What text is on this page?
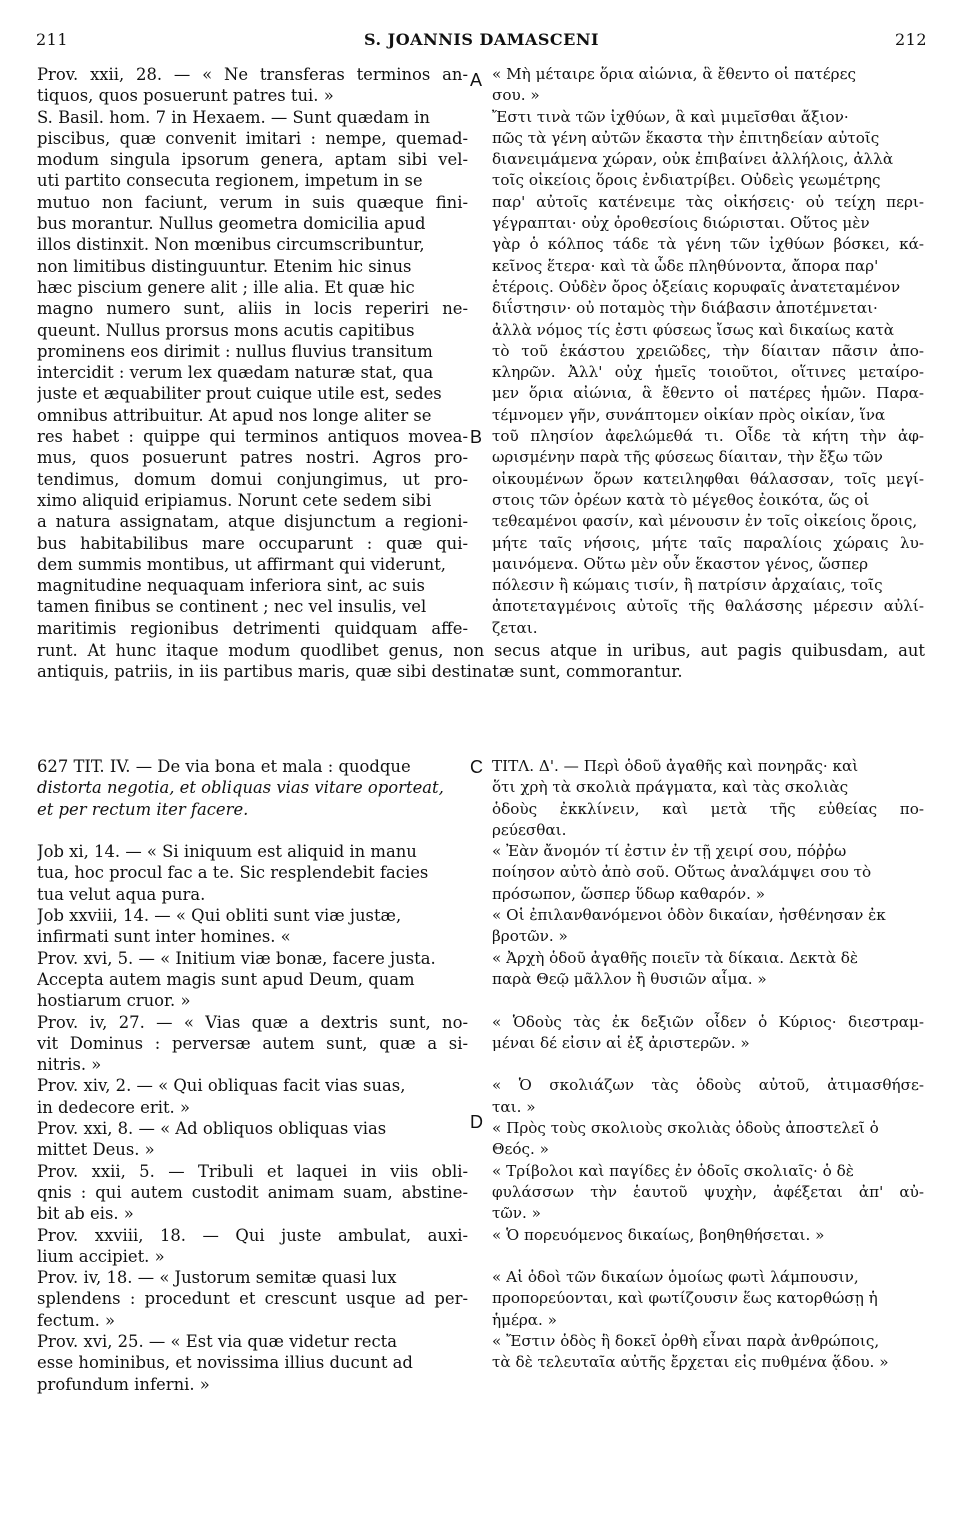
211	S. JOANNIS DAMASCENI	212
A
B
C
D
Prov. xxii, 28. — « Ne transferas terminos an-
tiquos, quos posuerunt patres tui. »
S. Basil. hom. 7 in Hexaem. — Sunt quædam in
piscibus, quæ convenit imitari : nempe, quemad-
modum singula ipsorum genera, aptam sibi vel-
uti partito consecuta regionem, impetum in se
mutuo non faciunt, verum in suis quæque fini-
bus morantur. Nullus geometra domicilia apud
illos distinxit. Non mœnibus circumscribuntur,
non limitibus distinguuntur. Etenim hic sinus
hæc piscium genere alit ; ille alia. Et quæ hic
magno numero sunt, aliis in locis reperiri ne-
queunt. Nullus prorsus mons acutis capitibus
prominens eos dirimit : nullus fluvius transitum
intercidit : verum lex quædam naturæ stat, qua
juste et æquabiliter prout cuique utile est, sedes
omnibus attribuitur. At apud nos longe aliter se
res habet : quippe qui terminos antiquos movea-
mus, quos posuerunt patres nostri. Agros pro-
tendimus, domum domui conjungimus, ut pro-
ximo aliquid eripiamus. Norunt cete sedem sibi
a natura assignatam, atque disjunctum a regioni-
bus habitabilibus mare occuparunt : quæ qui-
dem summis montibus, ut affirmant qui viderunt,
magnitudine nequaquam inferiora sint, ac suis
tamen finibus se continent ; nec vel insulis, vel
maritimis regionibus detrimenti quidquam affe-
« Μὴ μέταιρε ὅρια αἰώνια, ἃ ἔθεντο οἱ πατέρες
σου. »
Ἔστι τινὰ τῶν ἰχθύων, ἃ καὶ μιμεῖσθαι ἄξιον·
πῶς τὰ γένη αὐτῶν ἕκαστα τὴν ἐπιτηδείαν αὐτοῖς
διανειμάμενα χώραν, οὐκ ἐπιβαίνει ἀλλήλοις, ἀλλὰ
τοῖς οἰκείοις ὅροις ἐνδιατρίβει. Οὐδεὶς γεωμέτρης
παρ' αὐτοῖς κατένειμε τὰς οἰκήσεις· οὐ τείχη περι-
γέγραπται· οὐχ ὁροθεσίοις διώρισται. Οὕτος μὲν
γὰρ ὁ κόλπος τάδε τὰ γένη τῶν ἰχθύων βόσκει, κά-
κεῖνος ἕτερα· καὶ τὰ ὧδε πληθύνοντα, ἄπορα παρ'
ἑτέροις. Οὐδὲν ὄρος ὀξείαις κορυφαῖς ἀνατεταμένον
διΐστησιν· οὐ ποταμὸς τὴν διάβασιν ἀποτέμνεται·
ἀλλὰ νόμος τίς ἐστι φύσεως ἴσως καὶ δικαίως κατὰ
τὸ τοῦ ἑκάστου χρειῶδες, τὴν δίαιταν πᾶσιν ἀπο-
κληρῶν. Ἀλλ' οὐχ ἡμεῖς τοιοῦτοι, οἵτινες μεταίρο-
μεν ὅρια αἰώνια, ἃ ἔθεντο οἱ πατέρες ἡμῶν. Παρα-
τέμνομεν γῆν, συνάπτομεν οἰκίαν πρὸς οἰκίαν, ἵνα
τοῦ πλησίον ἀφελώμεθά τι. Οἶδε τὰ κήτη τὴν ἀφ-
ωρισμένην παρὰ τῆς φύσεως δίαιταν, τὴν ἔξω τῶν
οἰκουμένων ὅρων κατειληφθαι θάλασσαν, τοῖς μεγί-
στοις τῶν ὀρέων κατὰ τὸ μέγεθος ἐοικότα, ὥς οἱ
τεθεαμένοι φασίν, καὶ μένουσιν ἐν τοῖς οἰκείοις ὅροις,
μήτε ταῖς νήσοις, μήτε ταῖς παραλίοις χώραις λυ-
μαινόμενα. Οὕτω μὲν οὖν ἕκαστον γένος, ὥσπερ
πόλεσιν ἢ κώμαις τισίν, ἢ πατρίσιν ἀρχαίαις, τοῖς
ἀποτεταγμένοις αὐτοῖς τῆς θαλάσσης μέρεσιν αὐλί-
ζεται.
runt. At hunc itaque modum quodlibet genus, non secus atque in uribus, aut pagis quibusdam, aut
antiquis, patriis, in iis partibus maris, quæ sibi destinatæ sunt, commorantur.
627 TIT. IV. — De via bona et mala : quodque
distorta negotia, et obliquas vias vitare oporteat,
et per rectum iter facere.
Job xi, 14. — « Si iniquum est aliquid in manu
tua, hoc procul fac a te. Sic resplendebit facies
tua velut aqua pura.
Job xxviii, 14. — « Qui obliti sunt viæ justæ,
infirmati sunt inter homines. «
Prov. xvi, 5. — « Initium viæ bonæ, facere justa.
Accepta autem magis sunt apud Deum, quam
hostiarum cruor. »
Prov. iv, 27. — « Vias quæ a dextris sunt, no-
vit Dominus : perversæ autem sunt, quæ a si-
nitris. »
Prov. xiv, 2. — « Qui obliquas facit vias suas,
in dedecore erit. »
Prov. xxi, 8. — « Ad obliquos obliquas vias
mittet Deus. »
Prov. xxii, 5. — Tribuli et laquei in viis obli-
qnis : qui autem custodit animam suam, abstine-
bit ab eis. »
Prov. xxviii, 18. — Qui juste ambulat, auxi-
lium accipiet. »
Prov. iv, 18. — « Justorum semitæ quasi lux
splendens : procedunt et crescunt usque ad per-
fectum. »
Prov. xvi, 25. — « Est via quæ videtur recta
esse hominibus, et novissima illius ducunt ad
profundum inferni. »
ΤΙΤΛ. Δ'. — Περὶ ὁδοῦ ἀγαθῆς καὶ πονηρᾶς· καὶ
ὅτι χρὴ τὰ σκολιὰ πράγματα, καὶ τὰς σκολιὰς
ὁδοὺς ἐκκλίνειν, καὶ μετὰ τῆς εὐθείας πο-
ρεύεσθαι.
« Ἐὰν ἄνομόν τί ἐστιν ἐν τῇ χειρί σου, πόῤῥω
ποίησον αὐτὸ ἀπὸ σοῦ. Οὕτως ἀναλάμψει σου τὸ
πρόσωπον, ὥσπερ ὕδωρ καθαρόν. »
« Οἱ ἐπιλανθανόμενοι ὁδὸν δικαίαν, ἠσθένησαν ἐκ
βροτῶν. »
« Ἀρχὴ ὁδοῦ ἀγαθῆς ποιεῖν τὰ δίκαια. Δεκτὰ δὲ
παρὰ Θεῷ μᾶλλον ἢ θυσιῶν αἷμα. »
« Ὁδοὺς τὰς ἐκ δεξιῶν οἶδεν ὁ Κύριος· διεστραμ-
μέναι δέ εἰσιν αἱ ἐξ ἀριστερῶν. »
« Ὁ σκολιάζων τὰς ὁδοὺς αὐτοῦ, ἀτιμασθήσε-
ται. »
« Πρὸς τοὺς σκολιοὺς σκολιὰς ὁδοὺς ἀποστελεῖ ὁ
Θεός. »
« Τρίβολοι καὶ παγίδες ἐν ὁδοῖς σκολιαῖς· ὁ δὲ
φυλάσσων τὴν ἑαυτοῦ ψυχὴν, ἀφέξεται ἀπ' αὐ-
τῶν. »
« Ὁ πορευόμενος δικαίως, βοηθηθήσεται. »
« Αἱ ὁδοὶ τῶν δικαίων ὁμοίως φωτὶ λάμπουσιν,
προπορεύονται, καὶ φωτίζουσιν ἕως κατορθώσῃ ἡ
ἡμέρα. »
« Ἔστιν ὁδὸς ἣ δοκεῖ ὀρθὴ εἶναι παρὰ ἀνθρώποις,
τὰ δὲ τελευταῖα αὐτῆς ἔρχεται εἰς πυθμένα ᾅδου. »
